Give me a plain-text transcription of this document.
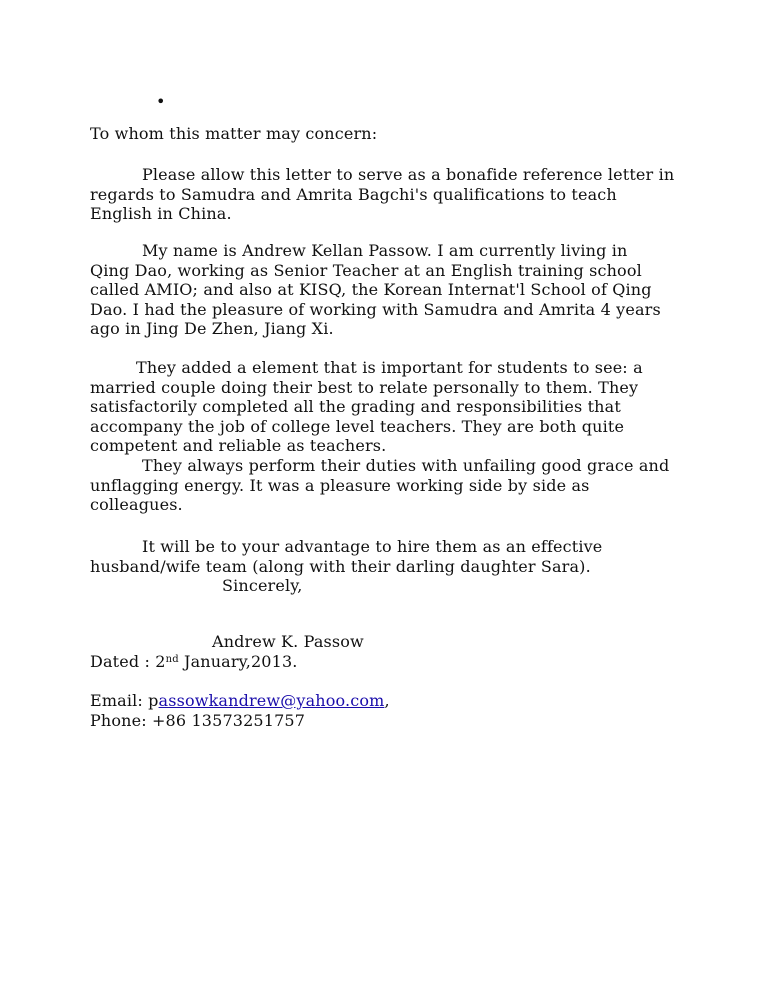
•
To whom this matter may concern:
Please allow this letter to serve as a bonafide reference letter in
regards to Samudra and Amrita Bagchi's qualifications to teach
English in China.
My name is Andrew Kellan Passow. I am currently living in
Qing Dao, working as Senior Teacher at an English training school
called AMIO; and also at KISQ, the Korean Internat'l School of Qing
Dao. I had the pleasure of working with Samudra and Amrita 4 years
ago in Jing De Zhen, Jiang Xi.
They added a element that is important for students to see: a
married couple doing their best to relate personally to them. They
satisfactorily completed all the grading and responsibilities that
accompany the job of college level teachers. They are both quite
competent and reliable as teachers.
They always perform their duties with unfailing good grace and
unflagging energy. It was a pleasure working side by side as
colleagues.
It will be to your advantage to hire them as an effective
husband/wife team (along with their darling daughter Sara).
Sincerely,
Andrew K. Passow
Dated : 2nd January,2013.
Email: passowkandrew@yahoo.com,
Phone: +86 13573251757
